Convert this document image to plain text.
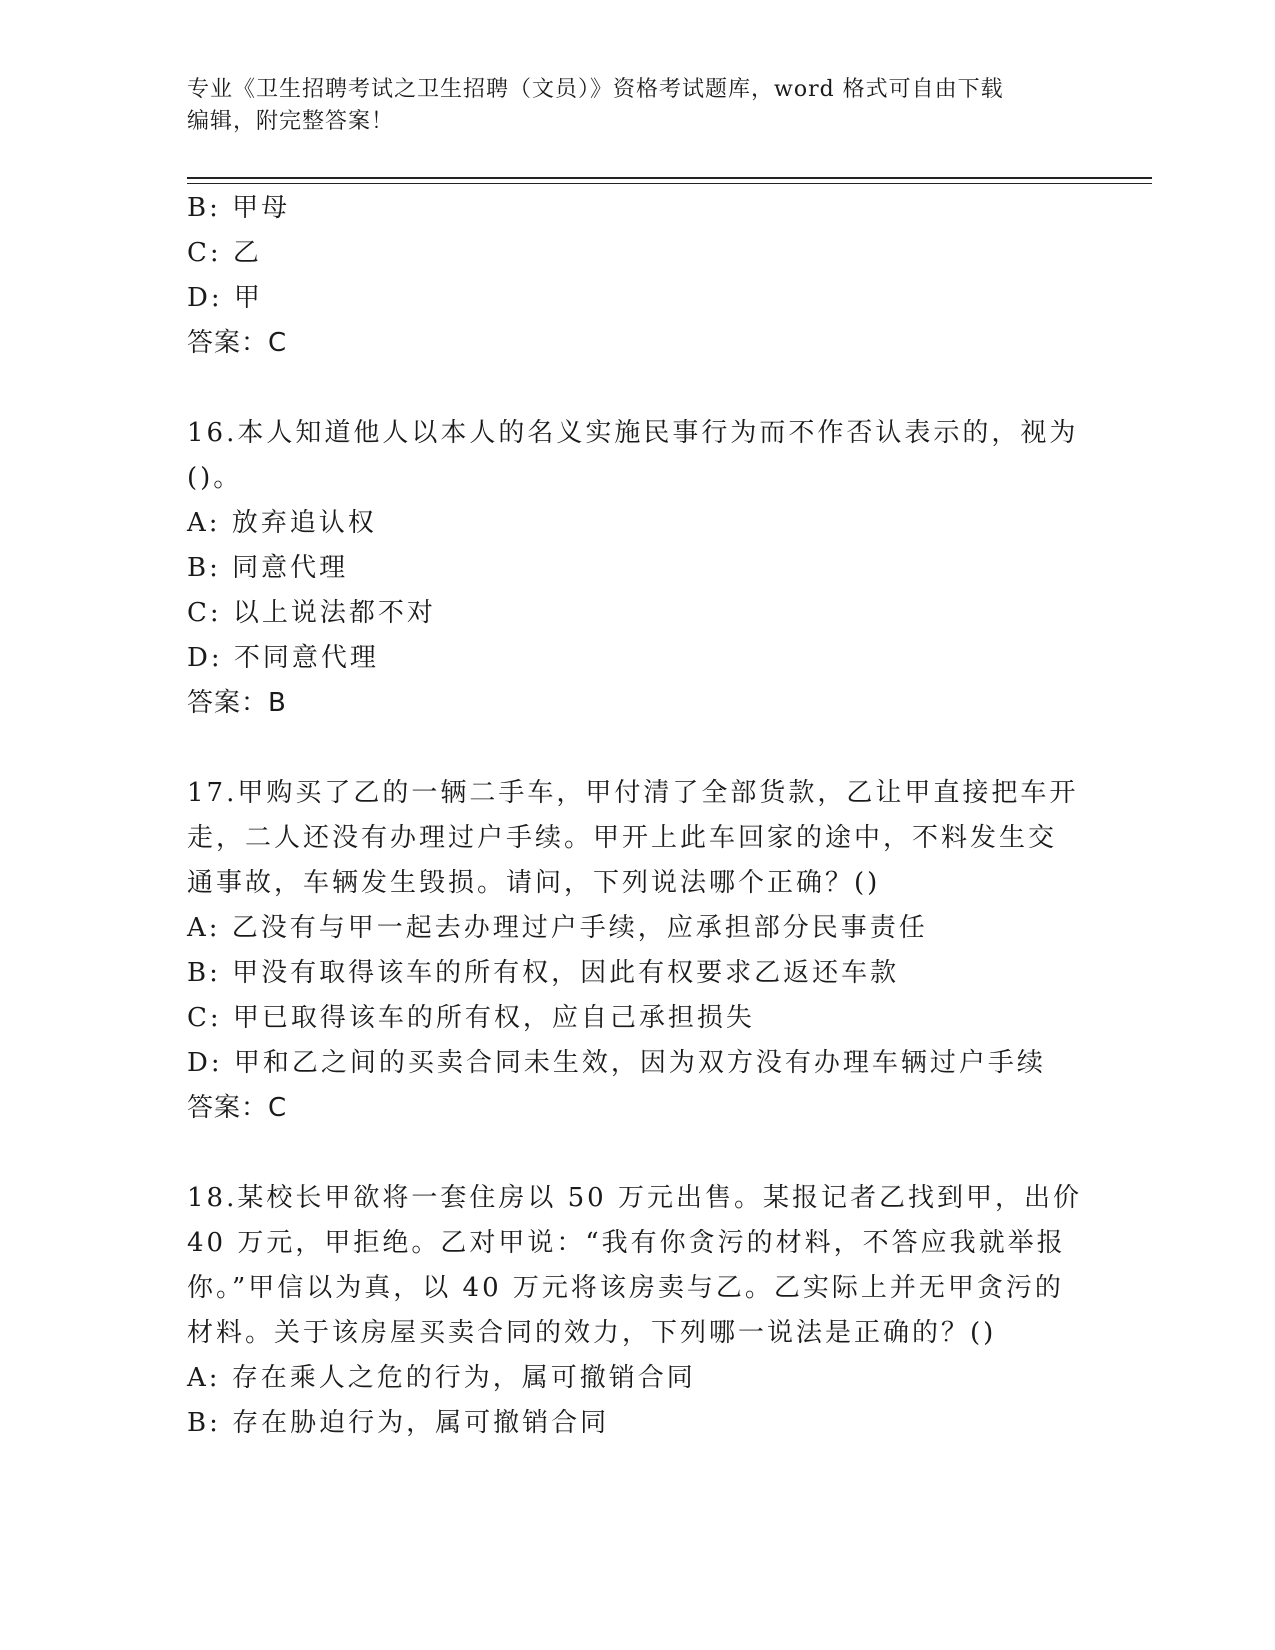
专业《卫生招聘考试之卫生招聘（文员）》资格考试题库，word 格式可自由下载
编辑，附完整答案！
B: 甲母
C: 乙
D: 甲
答案：C
16.本人知道他人以本人的名义实施民事行为而不作否认表示的，视为
()。
A: 放弃追认权
B: 同意代理
C: 以上说法都不对
D: 不同意代理
答案：B
17.甲购买了乙的一辆二手车，甲付清了全部货款，乙让甲直接把车开
走，二人还没有办理过户手续。甲开上此车回家的途中，不料发生交
通事故，车辆发生毁损。请问，下列说法哪个正确？()
A: 乙没有与甲一起去办理过户手续，应承担部分民事责任
B: 甲没有取得该车的所有权，因此有权要求乙返还车款
C: 甲已取得该车的所有权，应自己承担损失
D: 甲和乙之间的买卖合同未生效，因为双方没有办理车辆过户手续
答案：C
18.某校长甲欲将一套住房以 50 万元出售。某报记者乙找到甲，出价
40 万元，甲拒绝。乙对甲说：“我有你贪污的材料，不答应我就举报
你。”甲信以为真，以 40 万元将该房卖与乙。乙实际上并无甲贪污的
材料。关于该房屋买卖合同的效力，下列哪一说法是正确的？()
A: 存在乘人之危的行为，属可撤销合同
B: 存在胁迫行为，属可撤销合同
